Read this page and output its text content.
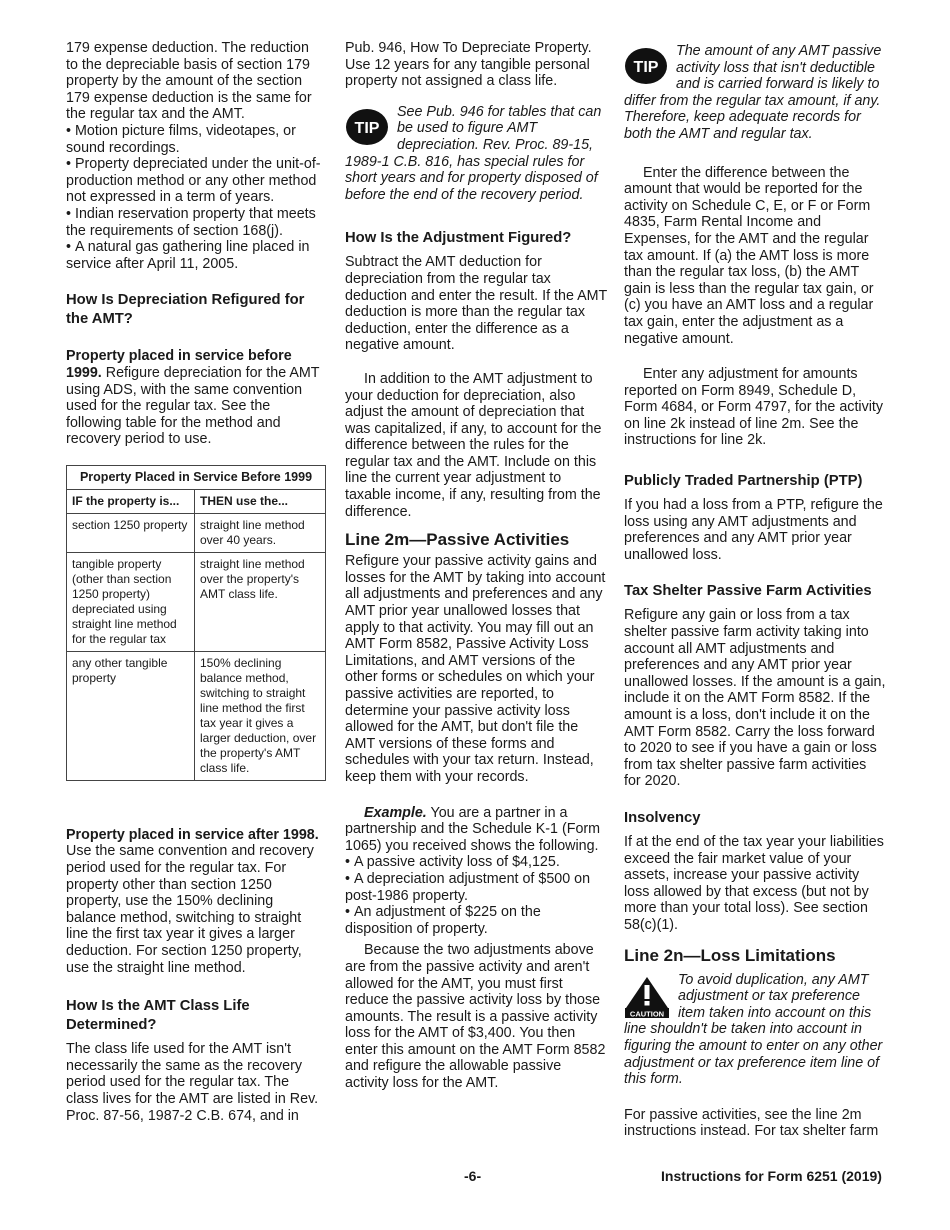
179 expense deduction. The reduction to the depreciable basis of section 179 property by the amount of the section 179 expense deduction is the same for the regular tax and the AMT.

• Motion picture films, videotapes, or sound recordings.

• Property depreciated under the unit-of-production method or any other method not expressed in a term of years.

• Indian reservation property that meets the requirements of section 168(j).

• A natural gas gathering line placed in service after April 11, 2005.

How Is Depreciation Refigured for the AMT?

Property placed in service before 1999. Refigure depreciation for the AMT using ADS, with the same convention used for the regular tax. See the following table for the method and recovery period to use.

Property Placed in Service Before 1999	
IF the property is...	THEN use the...
section 1250 property	straight line method over 40 years.
tangible property (other than section 1250 property) depreciated using straight line method for the regular tax	straight line method over the property's AMT class life.
any other tangible property	150% declining balance method, switching to straight line method the first tax year it gives a larger deduction, over the property's AMT class life.

Property placed in service after 1998. Use the same convention and recovery period used for the regular tax. For property other than section 1250 property, use the 150% declining balance method, switching to straight line the first tax year it gives a larger deduction. For section 1250 property, use the straight line method.

How Is the AMT Class Life Determined?

The class life used for the AMT isn't necessarily the same as the recovery period used for the regular tax. The class lives for the AMT are listed in Rev. Proc. 87-56, 1987-2 C.B. 674, and in

Pub. 946, How To Depreciate Property. Use 12 years for any tangible personal property not assigned a class life.

TIP

See Pub. 946 for tables that can be used to figure AMT depreciation. Rev. Proc. 89-15, 1989-1 C.B. 816, has special rules for short years and for property disposed of before the end of the recovery period.

How Is the Adjustment Figured?

Subtract the AMT deduction for depreciation from the regular tax deduction and enter the result. If the AMT deduction is more than the regular tax deduction, enter the difference as a negative amount.

In addition to the AMT adjustment to your deduction for depreciation, also adjust the amount of depreciation that was capitalized, if any, to account for the difference between the rules for the regular tax and the AMT. Include on this line the current year adjustment to taxable income, if any, resulting from the difference.

Line 2m—Passive Activities

Refigure your passive activity gains and losses for the AMT by taking into account all adjustments and preferences and any AMT prior year unallowed losses that apply to that activity. You may fill out an AMT Form 8582, Passive Activity Loss Limitations, and AMT versions of the other forms or schedules on which your passive activities are reported, to determine your passive activity loss allowed for the AMT, but don't file the AMT versions of these forms and schedules with your tax return. Instead, keep them with your records.

Example. You are a partner in a partnership and the Schedule K-1 (Form 1065) you received shows the following.

• A passive activity loss of $4,125.

• A depreciation adjustment of $500 on post-1986 property.

• An adjustment of $225 on the disposition of property.

Because the two adjustments above are from the passive activity and aren't allowed for the AMT, you must first reduce the passive activity loss by those amounts. The result is a passive activity loss for the AMT of $3,400. You then enter this amount on the AMT Form 8582 and refigure the allowable passive activity loss for the AMT.

TIP

The amount of any AMT passive activity loss that isn't deductible and is carried forward is likely to differ from the regular tax amount, if any. Therefore, keep adequate records for both the AMT and regular tax.

Enter the difference between the amount that would be reported for the activity on Schedule C, E, or F or Form 4835, Farm Rental Income and Expenses, for the AMT and the regular tax amount. If (a) the AMT loss is more than the regular tax loss, (b) the AMT gain is less than the regular tax gain, or (c) you have an AMT loss and a regular tax gain, enter the adjustment as a negative amount.

Enter any adjustment for amounts reported on Form 8949, Schedule D, Form 4684, or Form 4797, for the activity on line 2k instead of line 2m. See the instructions for line 2k.

Publicly Traded Partnership (PTP)

If you had a loss from a PTP, refigure the loss using any AMT adjustments and preferences and any AMT prior year unallowed loss.

Tax Shelter Passive Farm Activities

Refigure any gain or loss from a tax shelter passive farm activity taking into account all AMT adjustments and preferences and any AMT prior year unallowed losses. If the amount is a gain, include it on the AMT Form 8582. If the amount is a loss, don't include it on the AMT Form 8582. Carry the loss forward to 2020 to see if you have a gain or loss from tax shelter passive farm activities for 2020.

Insolvency

If at the end of the tax year your liabilities exceed the fair market value of your assets, increase your passive activity loss allowed by that excess (but not by more than your total loss). See section 58(c)(1).

Line 2n—Loss Limitations

CAUTION

To avoid duplication, any AMT adjustment or tax preference item taken into account on this line shouldn't be taken into account in figuring the amount to enter on any other adjustment or tax preference item line of this form.

For passive activities, see the line 2m instructions instead. For tax shelter farm

-6-	Instructions for Form 6251 (2019)
